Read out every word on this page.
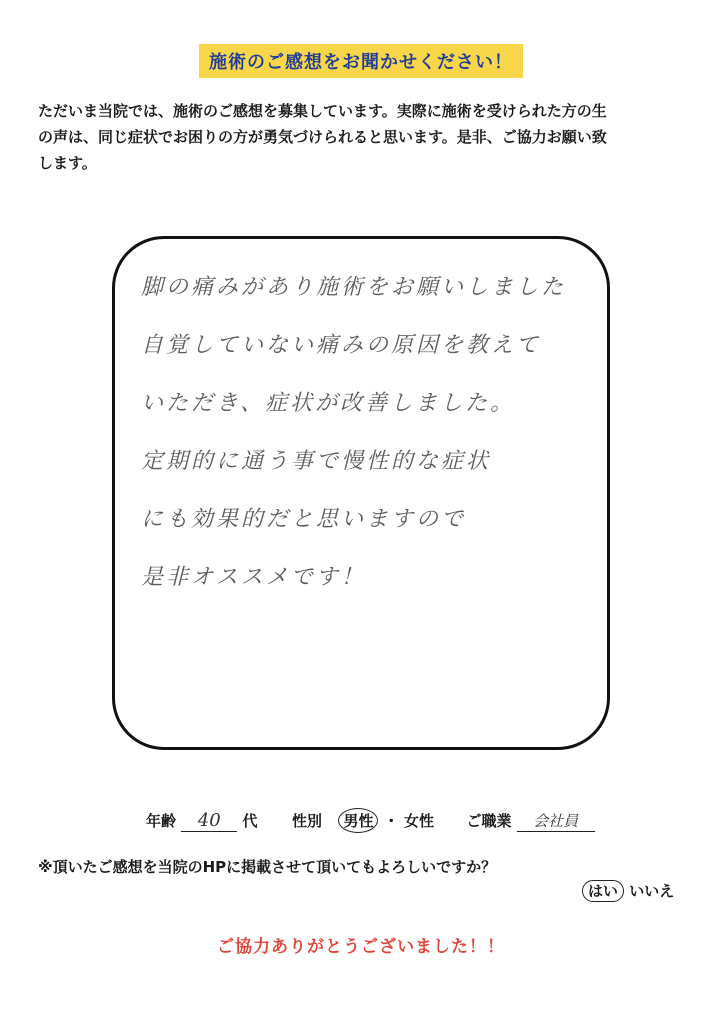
施術のご感想をお聞かせください！
ただいま当院では、施術のご感想を募集しています。実際に施術を受けられた方の生
の声は、同じ症状でお困りの方が勇気づけられると思います。是非、ご協力お願い致
します。
脚の痛みがあり施術をお願いしました
自覚していない痛みの原因を教えて
いただき、症状が改善しました。
定期的に通う事で慢性的な症状
にも効果的だと思いますので
是非オススメです！
年齢 40 代 性別 男性 ・ 女性 ご職業 会社員
※頂いたご感想を当院のHPに掲載させて頂いてもよろしいですか？
はい いいえ
ご協力ありがとうございました！！
